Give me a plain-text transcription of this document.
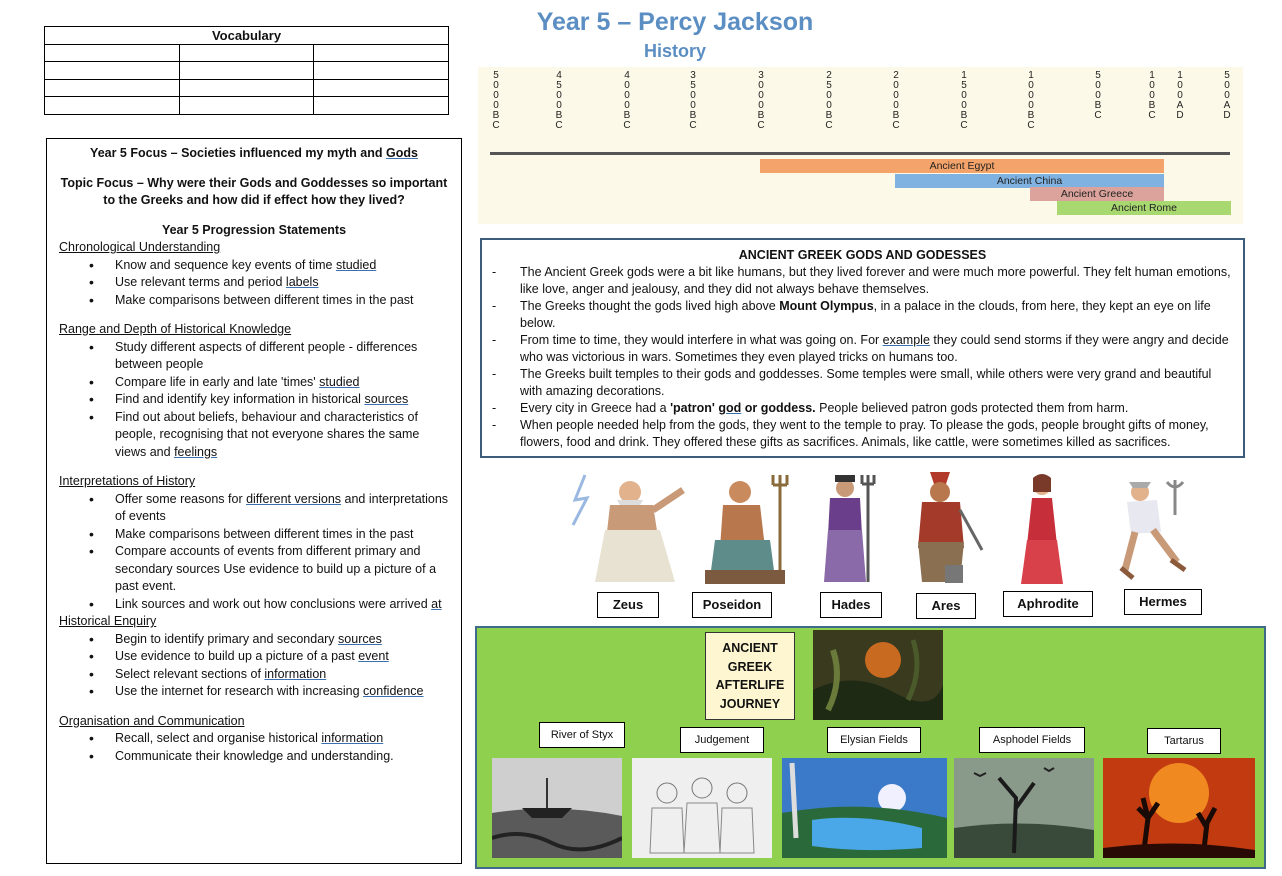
Year 5 – Percy Jackson
History
Vocabulary		

Year 5 Focus – Societies influenced my myth and Gods
Topic Focus – Why were their Gods and Goddesses so important to the Greeks and how did if effect how they lived?
Year 5 Progression Statements
Chronological Understanding
• Know and sequence key events of time studied
• Use relevant terms and period labels
• Make comparisons between different times in the past
Range and Depth of Historical Knowledge
• Study different aspects of different people - differences between people
• Compare life in early and late 'times' studied
• Find and identify key information in historical sources
• Find out about beliefs, behaviour and characteristics of people, recognising that not everyone shares the same views and feelings
Interpretations of History
• Offer some reasons for different versions and interpretations of events
• Make comparisons between different times in the past
• Compare accounts of events from different primary and secondary sources Use evidence to build up a picture of a past event.
• Link sources and work out how conclusions were arrived at
Historical Enquiry
• Begin to identify primary and secondary sources
• Use evidence to build up a picture of a past event
• Select relevant sections of information
• Use the internet for research with increasing confidence
Organisation and Communication
• Recall, select and organise historical information
• Communicate their knowledge and understanding.
5
0
0
0
B
C
4
5
0
0
B
C
4
0
0
0
B
C
3
5
0
0
B
C
3
0
0
0
B
C
2
5
0
0
B
C
2
0
0
0
B
C
1
5
0
0
B
C
1
0
0
0
B
C
5
0
0
B
C
1
0
0
B
C
1
0
0
A
D
5
0
0
A
D
Ancient Egypt
Ancient China
Ancient Greece
Ancient Rome
ANCIENT GREEK GODS AND GODESSES
- The Ancient Greek gods were a bit like humans, but they lived forever and were much more powerful. They felt human emotions, like love, anger and jealousy, and they did not always behave themselves.
- The Greeks thought the gods lived high above Mount Olympus, in a palace in the clouds, from here, they kept an eye on life below.
- From time to time, they would interfere in what was going on. For example they could send storms if they were angry and decide who was victorious in wars. Sometimes they even played tricks on humans too.
- The Greeks built temples to their gods and goddesses. Some temples were small, while others were very grand and beautiful with amazing decorations.
- Every city in Greece had a 'patron' god or goddess. People believed patron gods protected them from harm.
- When people needed help from the gods, they went to the temple to pray. To please the gods, people brought gifts of money, flowers, food and drink. They offered these gifts as sacrifices. Animals, like cattle, were sometimes killed as sacrifices.
Zeus	Poseidon	Hades	Ares	Aphrodite	Hermes
ANCIENT GREEK AFTERLIFE JOURNEY
River of Styx	Judgement	Elysian Fields	Asphodel Fields	Tartarus
